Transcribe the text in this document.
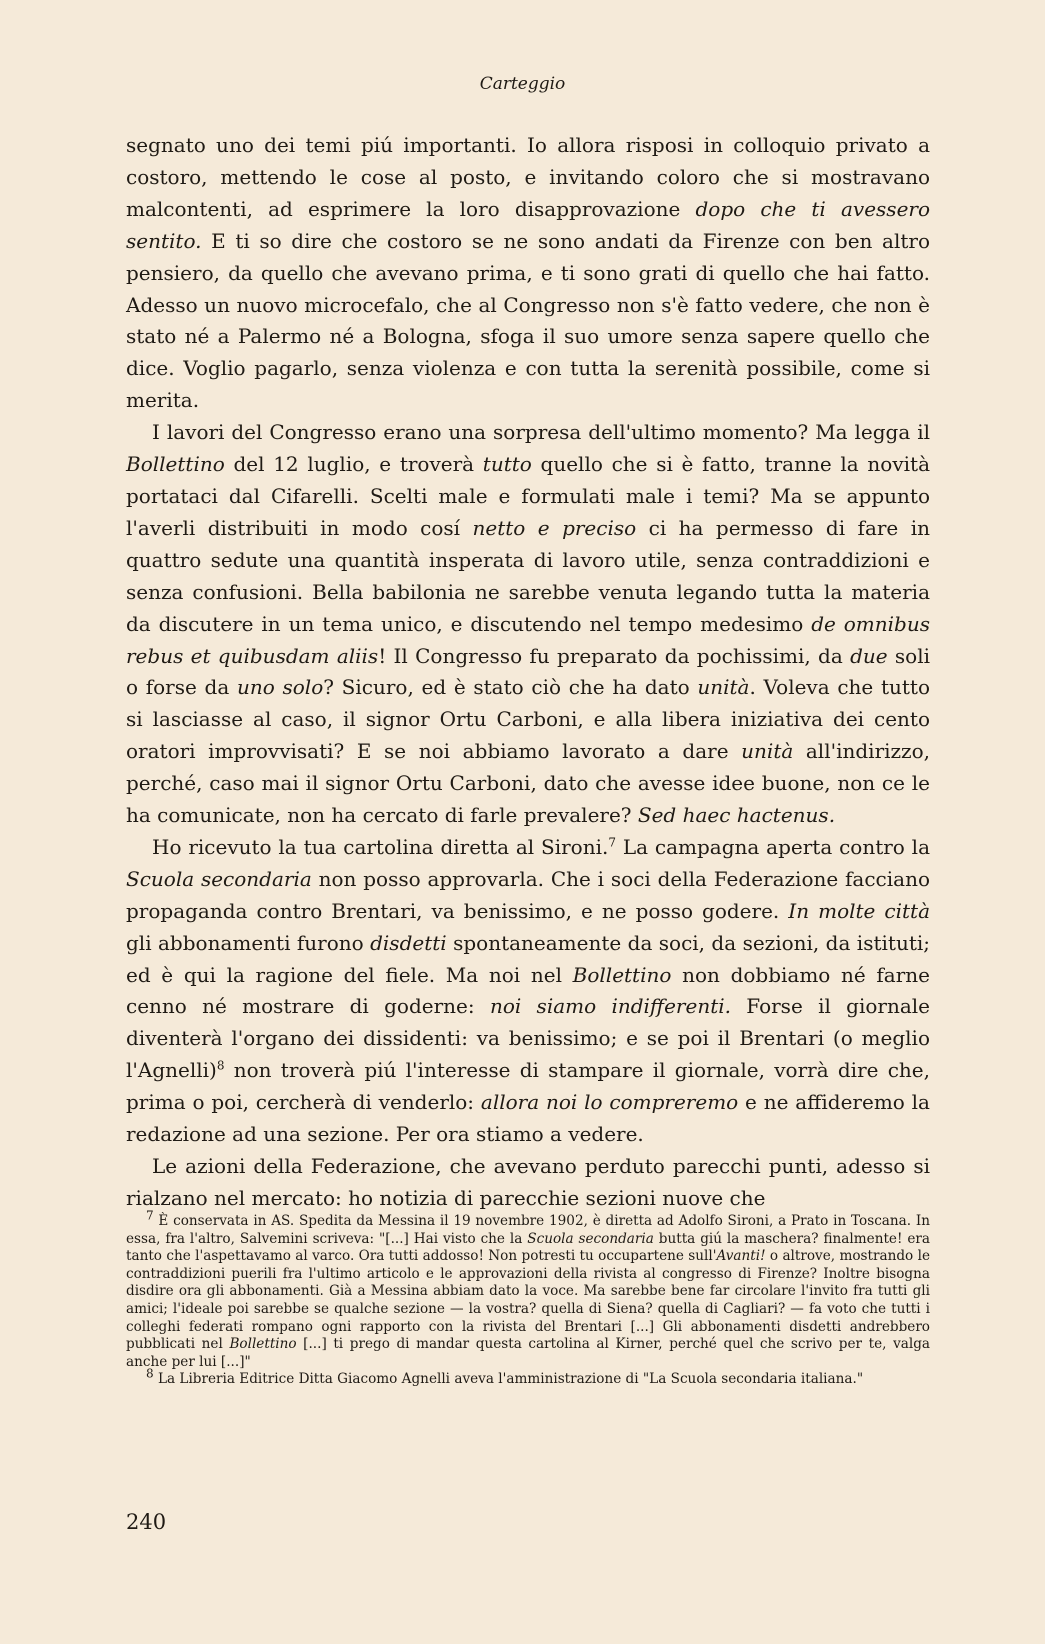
Carteggio

segnato uno dei temi piú importanti. Io allora risposi in colloquio privato a costoro, mettendo le cose al posto, e invitando coloro che si mostravano malcontenti, ad esprimere la loro disapprovazione dopo che ti avessero sentito. E ti so dire che costoro se ne sono andati da Firenze con ben altro pensiero, da quello che avevano prima, e ti sono grati di quello che hai fatto. Adesso un nuovo microcefalo, che al Congresso non s'è fatto vedere, che non è stato né a Palermo né a Bologna, sfoga il suo umore senza sapere quello che dice. Voglio pagarlo, senza violenza e con tutta la serenità possibile, come si merita.

I lavori del Congresso erano una sorpresa dell'ultimo momento? Ma legga il Bollettino del 12 luglio, e troverà tutto quello che si è fatto, tranne la novità portataci dal Cifarelli. Scelti male e formulati male i temi? Ma se appunto l'averli distribuiti in modo cosí netto e preciso ci ha permesso di fare in quattro sedute una quantità insperata di lavoro utile, senza contraddizioni e senza confusioni. Bella babilonia ne sarebbe venuta legando tutta la materia da discutere in un tema unico, e discutendo nel tempo medesimo de omnibus rebus et quibusdam aliis! Il Congresso fu preparato da pochissimi, da due soli o forse da uno solo? Sicuro, ed è stato ciò che ha dato unità. Voleva che tutto si lasciasse al caso, il signor Ortu Carboni, e alla libera iniziativa dei cento oratori improvvisati? E se noi abbiamo lavorato a dare unità all'indirizzo, perché, caso mai il signor Ortu Carboni, dato che avesse idee buone, non ce le ha comunicate, non ha cercato di farle prevalere? Sed haec hactenus.

Ho ricevuto la tua cartolina diretta al Sironi.$^7$ La campagna aperta contro la Scuola secondaria non posso approvarla. Che i soci della Federazione facciano propaganda contro Brentari, va benissimo, e ne posso godere. In molte città gli abbonamenti furono disdetti spontaneamente da soci, da sezioni, da istituti; ed è qui la ragione del fiele. Ma noi nel Bollettino non dobbiamo né farne cenno né mostrare di goderne: noi siamo indifferenti. Forse il giornale diventerà l'organo dei dissidenti: va benissimo; e se poi il Brentari (o meglio l'Agnelli)$^8$ non troverà piú l'interesse di stampare il giornale, vorrà dire che, prima o poi, cercherà di venderlo: allora noi lo compreremo e ne affideremo la redazione ad una sezione. Per ora stiamo a vedere.

Le azioni della Federazione, che avevano perduto parecchi punti, adesso si rialzano nel mercato: ho notizia di parecchie sezioni nuove che

$^7$ È conservata in AS. Spedita da Messina il 19 novembre 1902, è diretta ad Adolfo Sironi, a Prato in Toscana. In essa, fra l'altro, Salvemini scriveva: "[...] Hai visto che la Scuola secondaria butta giú la maschera? finalmente! era tanto che l'aspettavamo al varco. Ora tutti addosso! Non potresti tu occupartene sull'Avanti! o altrove, mostrando le contraddizioni puerili fra l'ultimo articolo e le approvazioni della rivista al congresso di Firenze? Inoltre bisogna disdire ora gli abbonamenti. Già a Messina abbiam dato la voce. Ma sarebbe bene far circolare l'invito fra tutti gli amici; l'ideale poi sarebbe se qualche sezione — la vostra? quella di Siena? quella di Cagliari? — fa voto che tutti i colleghi federati rompano ogni rapporto con la rivista del Brentari [...] Gli abbonamenti disdetti andrebbero pubblicati nel Bollettino [...] ti prego di mandar questa cartolina al Kirner, perché quel che scrivo per te, valga anche per lui [...]"

$^8$ La Libreria Editrice Ditta Giacomo Agnelli aveva l'amministrazione di "La Scuola secondaria italiana."

240
